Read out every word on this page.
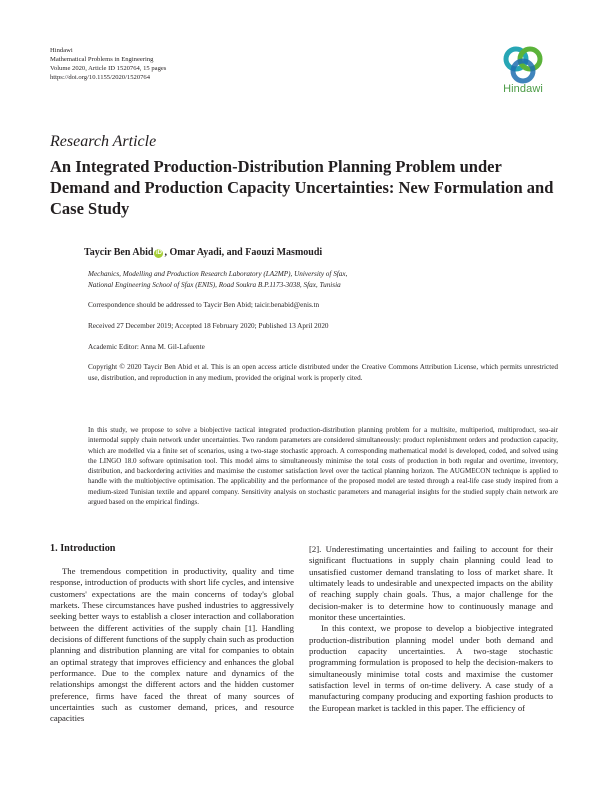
Hindawi
Mathematical Problems in Engineering
Volume 2020, Article ID 1520764, 15 pages
https://doi.org/10.1155/2020/1520764
Hindawi
Research Article
An Integrated Production-Distribution Planning Problem under Demand and Production Capacity Uncertainties: New Formulation and Case Study
Taycir Ben Abid iD , Omar Ayadi, and Faouzi Masmoudi
Mechanics, Modelling and Production Research Laboratory (LA2MP), University of Sfax,
National Engineering School of Sfax (ENIS), Road Soukra B.P.1173-3038, Sfax, Tunisia
Correspondence should be addressed to Taycir Ben Abid; taicir.benabid@enis.tn
Received 27 December 2019; Accepted 18 February 2020; Published 13 April 2020
Academic Editor: Anna M. Gil-Lafuente
Copyright © 2020 Taycir Ben Abid et al. This is an open access article distributed under the Creative Commons Attribution License, which permits unrestricted use, distribution, and reproduction in any medium, provided the original work is properly cited.
In this study, we propose to solve a biobjective tactical integrated production-distribution planning problem for a multisite, multiperiod, multiproduct, sea-air intermodal supply chain network under uncertainties. Two random parameters are considered simultaneously: product replenishment orders and production capacity, which are modelled via a finite set of scenarios, using a two-stage stochastic approach. A corresponding mathematical model is developed, coded, and solved using the LINGO 18.0 software optimisation tool. This model aims to simultaneously minimise the total costs of production in both regular and overtime, inventory, distribution, and backordering activities and maximise the customer satisfaction level over the tactical planning horizon. The AUGMECON technique is applied to handle with the multiobjective optimisation. The applicability and the performance of the proposed model are tested through a real-life case study inspired from a medium-sized Tunisian textile and apparel company. Sensitivity analysis on stochastic parameters and managerial insights for the studied supply chain network are argued based on the empirical findings.
1. Introduction

The tremendous competition in productivity, quality and time response, introduction of products with short life cycles, and intensive customers' expectations are the main concerns of today's global markets. These circumstances have pushed industries to aggressively seeking better ways to establish a closer interaction and collaboration between the different activities of the supply chain [1]. Handling decisions of different functions of the supply chain such as production planning and distribution planning are vital for companies to obtain an optimal strategy that improves efficiency and enhances the global performance. Due to the complex nature and dynamics of the relationships amongst the different actors and the hidden customer preference, firms have faced the threat of many sources of uncertainties such as customer demand, prices, and resource capacities

[2]. Underestimating uncertainties and failing to account for their significant fluctuations in supply chain planning could lead to unsatisfied customer demand translating to loss of market share. It ultimately leads to undesirable and unexpected impacts on the ability of reaching supply chain goals. Thus, a major challenge for the decision-maker is to determine how to continuously manage and monitor these uncertainties.

In this context, we propose to develop a biobjective integrated production-distribution planning model under both demand and production capacity uncertainties. A two-stage stochastic programming formulation is proposed to help the decision-makers to simultaneously minimise total costs and maximise the customer satisfaction level in terms of on-time delivery. A case study of a manufacturing company producing and exporting fashion products to the European market is tackled in this paper. The efficiency of
